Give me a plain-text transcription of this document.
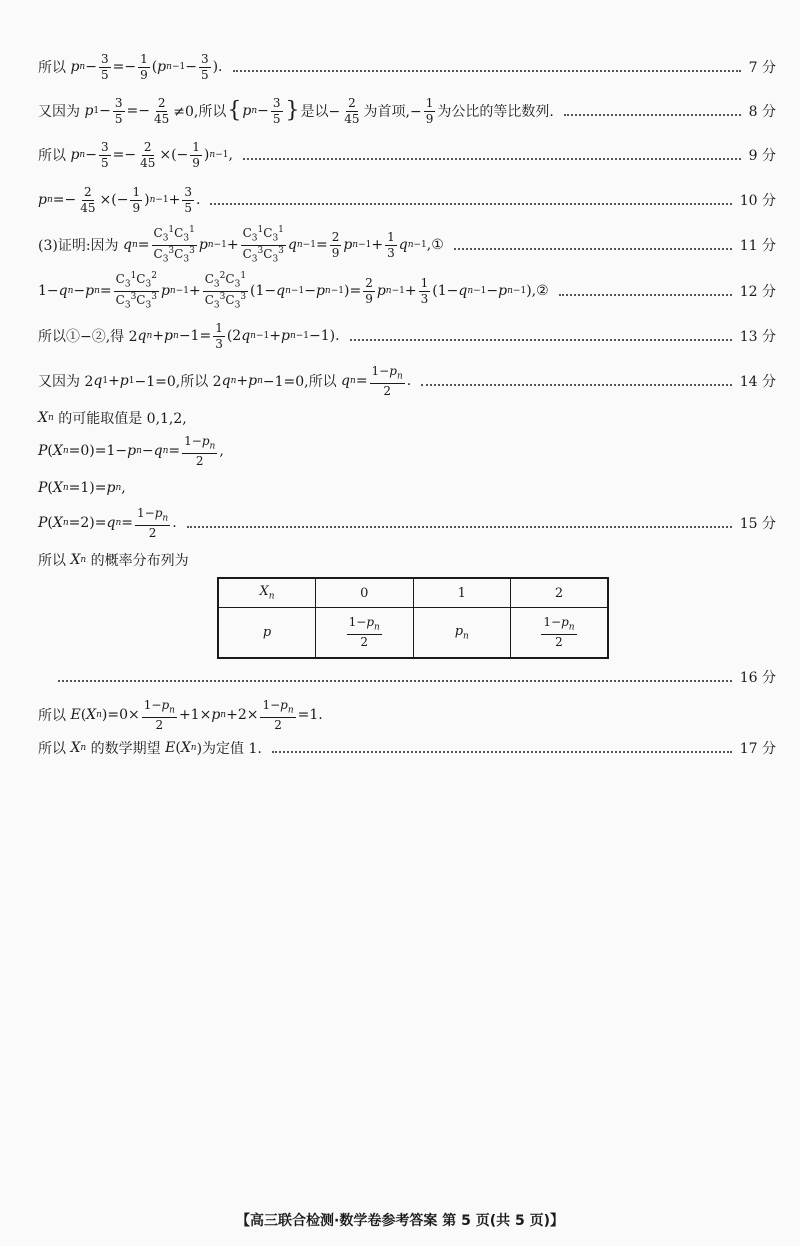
所以 p $n - \frac{3}{5} =- \frac{1}{9}$ ( p $n-1 - \frac{3}{5}$ ).	7 分
又因为 p $1 - \frac{3}{5} =- \frac{2}{45} \ne 0$,所以 { p $n - \frac{3}{5}$ } 是以− $\frac{2}{45}$ 为首项,− $\frac{1}{9}$ 为公比的等比数列.	8 分
所以 p $n - \frac{3}{5} =- \frac{2}{45}$ ×(− $\frac{1}{9}$ ) n−1 ,	9 分
p $n =- \frac{2}{45}$ ×(− $\frac{1}{9}$ ) $n-1 + \frac{3}{5}$ .	10 分
(3)证明:因为 q $n = \frac{C_3^1C_3^1}{C_3^3C_3^3}$ p $n-1 + \frac{C_3^1C_3^1}{C_3^3C_3^3}$ q $n-1 = \frac{2}{9}$ p $n-1 + \frac{1}{3}$ q n−1 ,①	11 分
1− q n − p $n = \frac{C_3^1C_3^2}{C_3^3C_3^3}$ p $n-1 + \frac{C_3^2C_3^1}{C_3^3C_3^3} (1- q$ n−1 − p n−1 )= $\frac{2}{9}$ p $n-1 + \frac{1}{3} (1- q$ n−1 − p n−1 ),②	12 分
所以①−②,得 2 q n + p $n -1= \frac{1}{3} (2$ q n−1 + p n−1 −1).	13 分
又因为 2 q 1 + p 1 −1=0,所以 2 q n + p n −1=0,所以 q $n = \frac{1-p_n}{2}$ .	14 分
X n 的可能取值是 0,1,2,
P ( X n =0)=1− p n − q $n = \frac{1-p_n}{2}$ ,
P ( X n =1)= p n ,
P ( X n =2)= q $n = \frac{1-p_n}{2}$ .	15 分
所以 X n 的概率分布列为
$X_n$	0	1	2
p	$\frac{1-p_n}{2}$	$p_n$	$\frac{1-p_n}{2}$
16 分
所以 E ( X n )$=0\times \frac{1-p_n}{2} +1\times p$ $n +2\times \frac{1-p_n}{2} =1$.
所以 X n 的数学期望 E ( X n )为定值 1.	17 分
【高三联合检测·数学卷参考答案 第 5 页(共 5 页)】
